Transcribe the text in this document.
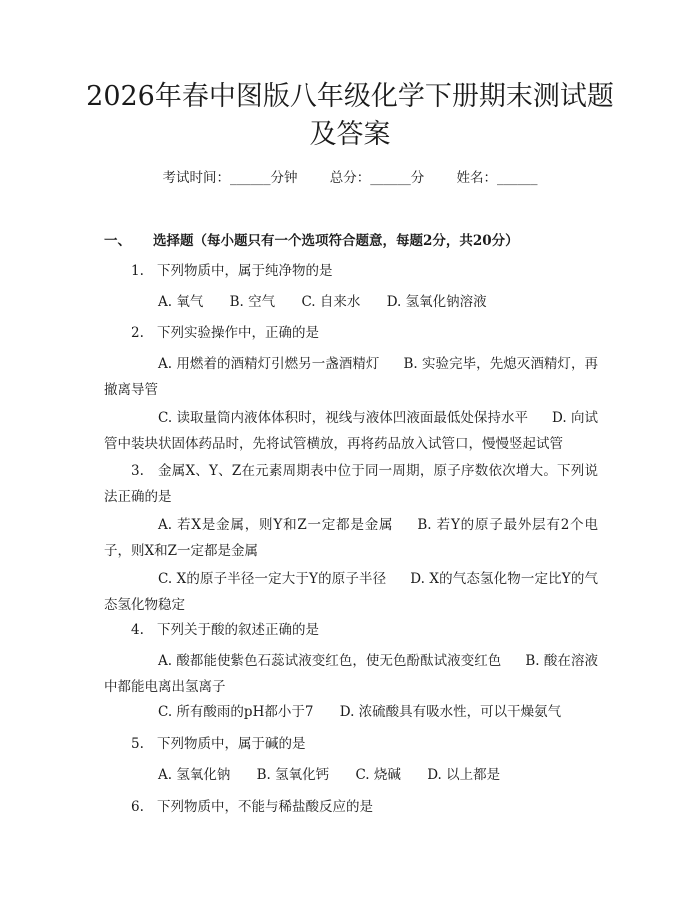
2026年春中图版八年级化学下册期末测试题及答案
考试时间：______分钟 总分：______分 姓名：______
一、 选择题（每小题只有一个选项符合题意，每题2分，共20分）
1. 下列物质中，属于纯净物的是
A. 氧气 B. 空气 C. 自来水 D. 氢氧化钠溶液
2. 下列实验操作中，正确的是

A. 用燃着的酒精灯引燃另一盏酒精灯 B. 实验完毕，先熄灭酒精灯，再撤离导管

C. 读取量筒内液体体积时，视线与液体凹液面最低处保持水平 D. 向试管中装块状固体药品时，先将试管横放，再将药品放入试管口，慢慢竖起试管

3.	金属X、Y、Z在元素周期表中位于同一周期，原子序数依次增大。下列说法正确的是

A. 若X是金属，则Y和Z一定都是金属 B. 若Y的原子最外层有2个电子，则X和Z一定都是金属

C. X的原子半径一定大于Y的原子半径 D. X的气态氢化物一定比Y的气态氢化物稳定

4. 下列关于酸的叙述正确的是

A. 酸都能使紫色石蕊试液变红色，使无色酚酞试液变红色 B. 酸在溶液中都能电离出氢离子

C. 所有酸雨的pH都小于7 D. 浓硫酸具有吸水性，可以干燥氨气
5. 下列物质中，属于碱的是
A. 氢氧化钠 B. 氢氧化钙 C. 烧碱 D. 以上都是
6. 下列物质中，不能与稀盐酸反应的是
